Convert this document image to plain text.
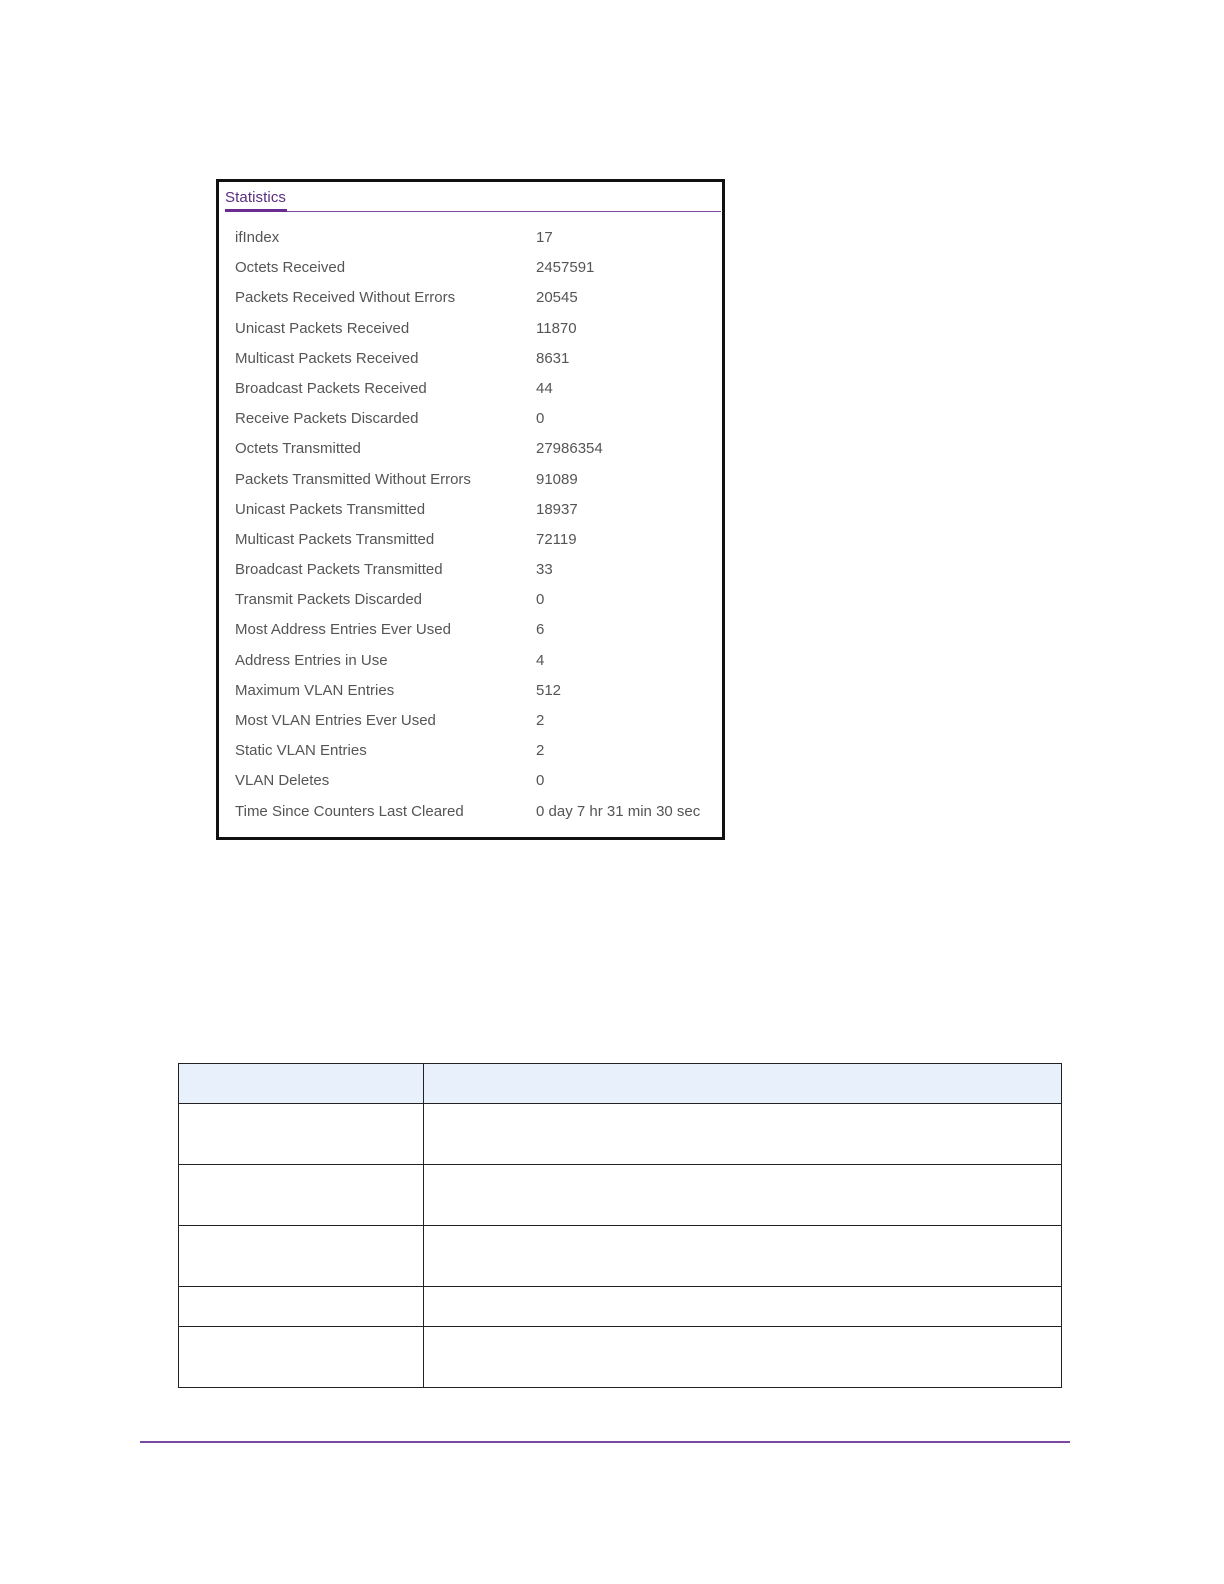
Statistics
ifIndex	17
Octets Received	2457591
Packets Received Without Errors	20545
Unicast Packets Received	11870
Multicast Packets Received	8631
Broadcast Packets Received	44
Receive Packets Discarded	0
Octets Transmitted	27986354
Packets Transmitted Without Errors	91089
Unicast Packets Transmitted	18937
Multicast Packets Transmitted	72119
Broadcast Packets Transmitted	33
Transmit Packets Discarded	0
Most Address Entries Ever Used	6
Address Entries in Use	4
Maximum VLAN Entries	512
Most VLAN Entries Ever Used	2
Static VLAN Entries	2
VLAN Deletes	0
Time Since Counters Last Cleared	0 day 7 hr 31 min 30 sec
